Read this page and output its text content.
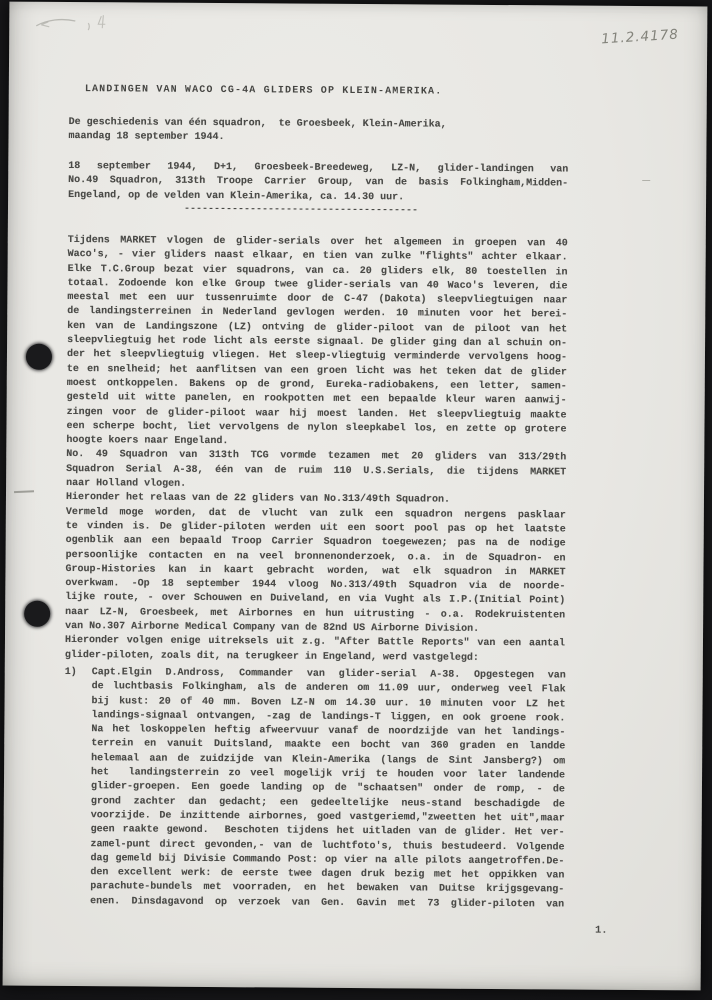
11.2.4178
LANDINGEN VAN WACO CG-4A GLIDERS OP KLEIN-AMERIKA.
De geschiedenis van één squadron,  te Groesbeek, Klein-Amerika,
maandag 18 september 1944.
18 september 1944, D+1, Groesbeek-Breedeweg, LZ-N, glider-landingen van
No.49 Squadron, 313th Troope Carrier Group, van de basis Folkingham,Midden-
Engeland, op de velden van Klein-Amerika, ca. 14.30 uur.
---------------------------------------
Tijdens MARKET vlogen de glider-serials over het algemeen in groepen van 40
Waco's, - vier gliders naast elkaar, en tien van zulke "flights" achter elkaar.
Elke T.C.Group bezat vier squadrons, van ca. 20 gliders elk, 80 toestellen in
totaal. Zodoende kon elke Group twee glider-serials van 40 Waco's leveren, die
meestal met een uur tussenruimte door de C-47 (Dakota) sleepvliegtuigen naar
de landingsterreinen in Nederland gevlogen werden. 10 minuten voor het berei-
ken van de Landingszone (LZ) ontving de glider-piloot van de piloot van het
sleepvliegtuig het rode licht als eerste signaal. De glider ging dan al schuin on-
der het sleepvliegtuig vliegen. Het sleep-vliegtuig verminderde vervolgens hoog-
te en snelheid; het aanflitsen van een groen licht was het teken dat de glider
moest ontkoppelen. Bakens op de grond, Eureka-radiobakens, een letter, samen-
gesteld uit witte panelen, en rookpotten met een bepaalde kleur waren aanwij-
zingen voor de glider-piloot waar hij moest landen. Het sleepvliegtuig maakte
een scherpe bocht, liet vervolgens de nylon sleepkabel los, en zette op grotere
hoogte koers naar Engeland.
No. 49 Squadron van 313th TCG vormde tezamen met 20 gliders van 313/29th
Squadron Serial A-38, één van de ruim 110 U.S.Serials, die tijdens MARKET
naar Holland vlogen.
Hieronder het relaas van de 22 gliders van No.313/49th Squadron.
Vermeld moge worden, dat de vlucht van zulk een squadron nergens pasklaar
te vinden is. De glider-piloten werden uit een soort pool pas op het laatste
ogenblik aan een bepaald Troop Carrier Squadron toegewezen; pas na de nodige
persoonlijke contacten en na veel bronnenonderzoek, o.a. in de Squadron- en
Group-Histories kan in kaart gebracht worden, wat elk squadron in MARKET
overkwam. -Op 18 september 1944 vloog No.313/49th Squadron via de noorde-
lijke route, - over Schouwen en Duiveland, en via Vught als I.P.(Initial Point)
naar LZ-N, Groesbeek, met Airbornes en hun uitrusting - o.a. Rodekruistenten
van No.307 Airborne Medical Company van de 82nd US Airborne Division.
Hieronder volgen enige uitreksels uit z.g. "After Battle Reports" van een aantal
glider-piloten, zoals dit, na terugkeer in Engeland, werd vastgelegd:
1) Capt.Elgin D.Andross, Commander van glider-serial A-38. Opgestegen van
de luchtbasis Folkingham, als de anderen om 11.09 uur, onderweg veel Flak
bij kust: 20 of 40 mm. Boven LZ-N om 14.30 uur. 10 minuten voor LZ het
landings-signaal ontvangen, -zag de landings-T liggen, en ook groene rook.
Na het loskoppelen heftig afweervuur vanaf de noordzijde van het landings-
terrein en vanuit Duitsland, maakte een bocht van 360 graden en landde
helemaal aan de zuidzijde van Klein-Amerika (langs de Sint Jansberg?) om
het  landingsterrein zo veel mogelijk vrij te houden voor later landende
glider-groepen. Een goede landing op de "schaatsen" onder de romp, - de
grond zachter dan gedacht; een gedeeltelijke neus-stand beschadigde de
voorzijde. De inzittende airbornes, goed vastgeriemd,"zweetten het uit",maar
geen raakte gewond.  Beschoten tijdens het uitladen van de glider. Het ver-
zamel-punt direct gevonden,- van de luchtfoto's, thuis bestudeerd. Volgende
dag gemeld bij Divisie Commando Post: op vier na alle pilots aangetroffen.De-
den excellent werk: de eerste twee dagen druk bezig met het oppikken van
parachute-bundels met voorraden, en het bewaken van Duitse krijgsgevang-
enen. Dinsdagavond op verzoek van Gen. Gavin met 73 glider-piloten van
1.
